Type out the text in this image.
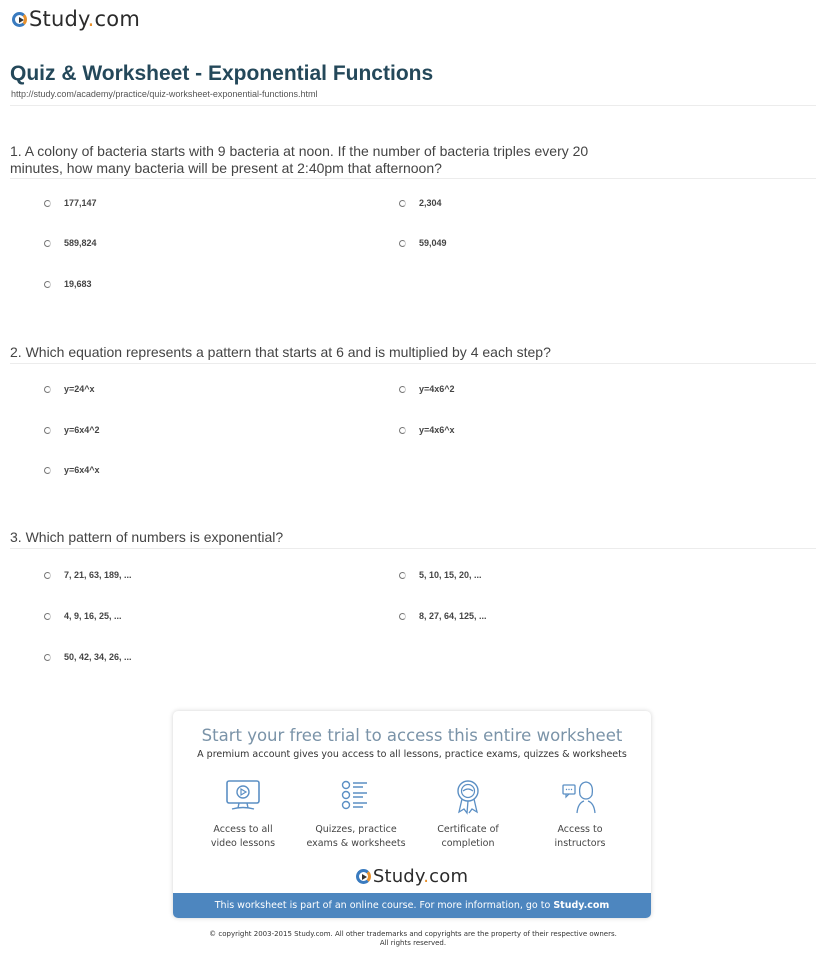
Study.com
Quiz & Worksheet - Exponential Functions
http://study.com/academy/practice/quiz-worksheet-exponential-functions.html
1. A colony of bacteria starts with 9 bacteria at noon. If the number of bacteria triples every 20 minutes, how many bacteria will be present at 2:40pm that afternoon?
177,147	2,304
589,824	59,049
19,683
2. Which equation represents a pattern that starts at 6 and is multiplied by 4 each step?
y=24^x	y=4x6^2
y=6x4^2	y=4x6^x
y=6x4^x
3. Which pattern of numbers is exponential?
7, 21, 63, 189, ...	5, 10, 15, 20, ...
4, 9, 16, 25, ...	8, 27, 64, 125, ...
50, 42, 34, 26, ...
Start your free trial to access this entire worksheet
A premium account gives you access to all lessons, practice exams, quizzes & worksheets
Access to all
video lessons
Quizzes, practice
exams & worksheets
Certificate of
completion
Access to
instructors
Study.com
This worksheet is part of an online course. For more information, go to Study.com
© copyright 2003-2015 Study.com. All other trademarks and copyrights are the property of their respective owners.
All rights reserved.
